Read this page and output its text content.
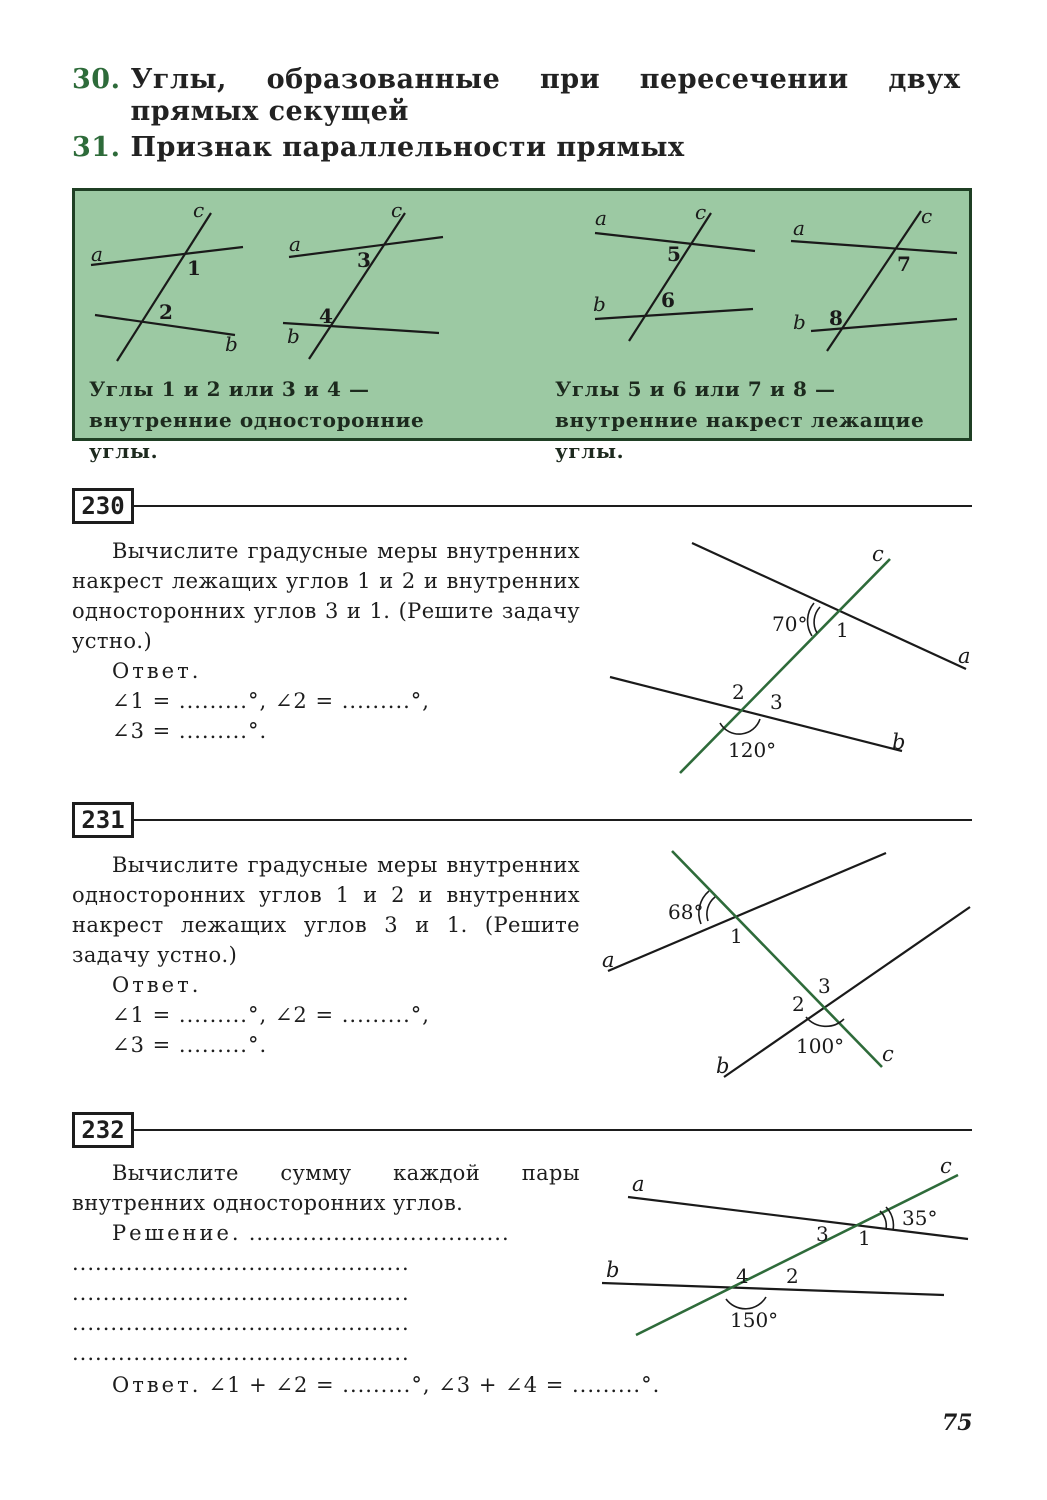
30. Углы, образованные при пересечении двух прямых секущей
31. Признак параллельности прямых
c
a
b
c
a
b
a	c
b
a	c
b
1
2
3
4
5
6
7
8
Углы 1 и 2 или 3 и 4 — внутренние односторонние углы.
Углы 5 и 6 или 7 и 8 — внутренние накрест лежащие углы.
230
Вычислите градусные меры внутренних накрест лежащих углов 1 и 2 и внутренних односторонних углов 3 и 1. (Решите задачу устно.)
Ответ.
∠1 = .........°, ∠2 = .........°,
∠3 = .........°.
70° 1
2 3
120°
c
a
b
231
Вычислите градусные меры внутренних односторонних углов 1 и 2 и внутренних накрест лежащих углов 3 и 1. (Решите задачу устно.)
Ответ.
∠1 = .........°, ∠2 = .........°,
∠3 = .........°.
68°
1
2
3
100°
a
b	c
232
Вычислите сумму каждой пары внутренних односторонних углов.
Решение. ..................................
............................................
............................................
............................................
............................................
Ответ. ∠1 + ∠2 = .........°, ∠3 + ∠4 = .........°.
35°
3 1
4 2
150°
a
c
b
75
